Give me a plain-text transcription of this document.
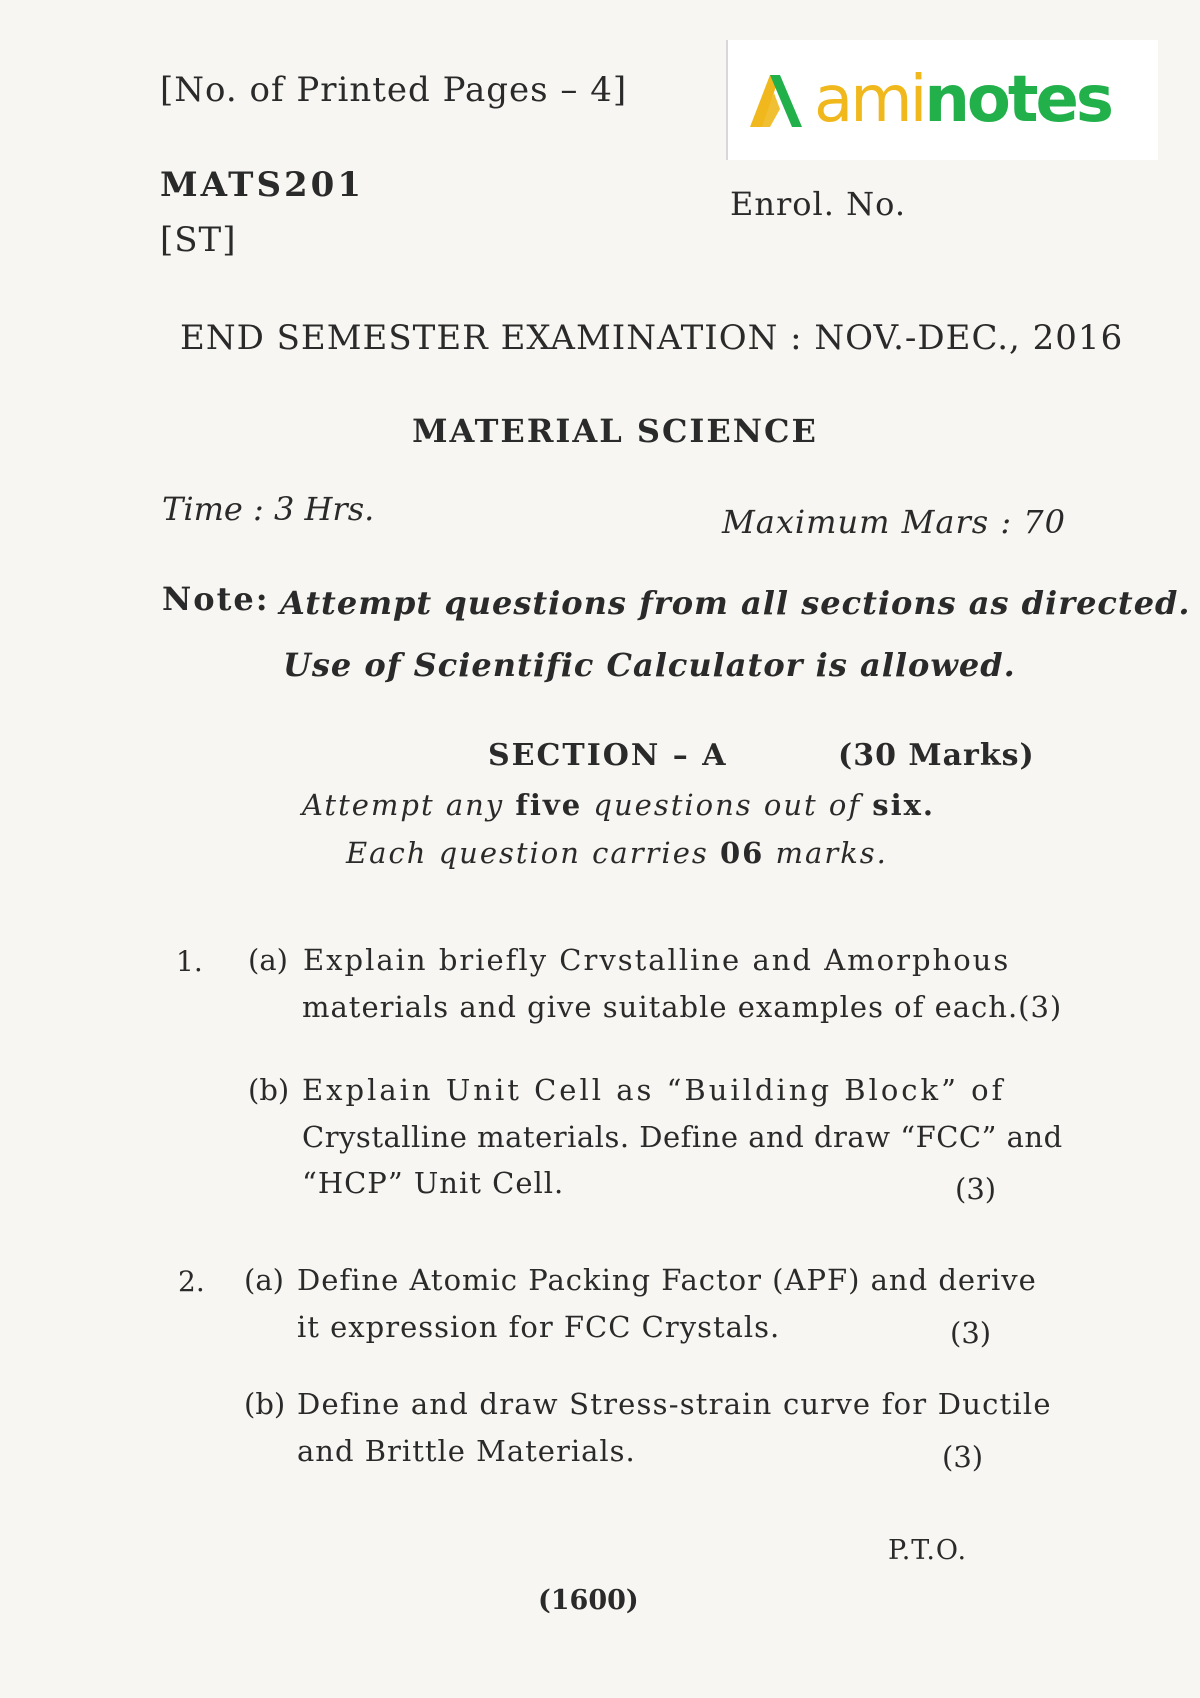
[No. of Printed Pages – 4]
MATS201
[ST]
aminotes
Enrol. No.
END SEMESTER EXAMINATION : NOV.-DEC., 2016
MATERIAL SCIENCE
Time : 3 Hrs.	Maximum Mars : 70
Note: Attempt questions from all sections as directed.
Use of Scientific Calculator is allowed.
SECTION – A	(30 Marks)
Attempt any five questions out of six.
Each question carries 06 marks.
1. (a) Explain briefly Crvstalline and Amorphous
materials and give suitable examples of each.(3)
(b) Explain Unit Cell as “Building Block” of
Crystalline materials. Define and draw “FCC” and
“HCP” Unit Cell.	(3)
2. (a) Define Atomic Packing Factor (APF) and derive
it expression for FCC Crystals.	(3)
(b) Define and draw Stress-strain curve for Ductile
and Brittle Materials.	(3)
P.T.O.
(1600)
